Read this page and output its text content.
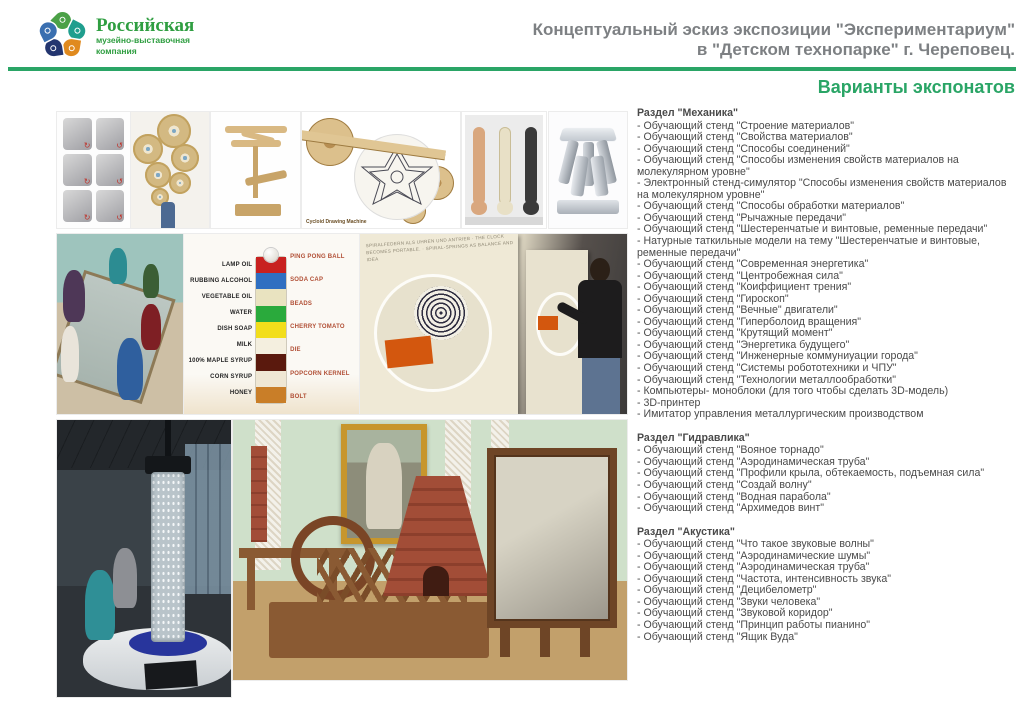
Российская
музейно-выставочная
компания
Концептуальный эскиз экспозиции "Экспериментариум"
в "Детском технопарке" г. Череповец.
Варианты экспонатов
Раздел "Механика"
- Обучающий стенд "Строение материалов"
- Обучающий стенд "Свойства материалов"
- Обучающий стенд "Способы соединений"
- Обучающий стенд "Способы изменения свойств материалов на молекулярном уровне"
- Электронный стенд-симулятор "Способы изменения свойств материалов на молекулярном уровне"
- Обучающий стенд "Способы обработки материалов"
- Обучающий стенд "Рычажные передачи"
- Обучающий стенд "Шестеренчатые и винтовые, ременные передачи"
- Натурные таткильные модели на тему "Шестеренчатые и винтовые, ременные передачи"
- Обучающий стенд "Современная энергетика"
- Обучающий стенд "Центробежная сила"
- Обучающий стенд "Коиффициент трения"
- Обучающий стенд "Гироскоп"
- Обучающий стенд "Вечные" двигатели"
- Обучающий стенд "Гиперболоид вращения"
- Обучающий стенд "Крутящий момент"
- Обучающий стенд "Энергетика будущего"
- Обучающий стенд "Инженерные коммуниуации города"
- Обучающий стенд "Системы робототехники и ЧПУ"
- Обучающий стенд "Технологии металлообработки"
- Компьютеры- моноблоки (для того чтобы сделать 3D-модель)
- 3D-принтер
- Имитатор управления металлургическим производством
Раздел "Гидравлика"
- Обучающий стенд "Вояное торнадо"
- Обучающий стенд "Аэродинамическая труба"
- Обучающий стенд "Профили крыла, обтекаемость, подъемная сила"
- Обучающий стенд "Создай волну"
- Обучающий стенд "Водная парабола"
- Обучающий стенд "Архимедов винт"
Раздел "Акустика"
- Обучающий стенд "Что такое звуковые волны"
- Обучающий стенд "Аэродинамические шумы"
- Обучающий стенд "Аэродинамическая труба"
- Обучающий стенд "Частота, интенсивность звука"
- Обучающий стенд "Децибелометр"
- Обучающий стенд "Звуки человека"
- Обучающий стенд "Звуковой коридор"
- Обучающий стенд "Принцип работы пианино"
- Обучающий стенд "Ящик Вуда"
↻	↺
↻	↺
↻	↺	Cycloid Drawing Machine
LAMP OIL
RUBBING ALCOHOL
VEGETABLE OIL
WATER
DISH SOAP
MILK
100% MAPLE SYRUP
CORN SYRUP
HONEY
PING PONG BALL
SODA CAP
BEADS
CHERRY TOMATO
DIE
POPCORN KERNEL
BOLT
SPIRALFEDERN ALS UHREN UND ANTRIEB · THE CLOCK BECOMES PORTABLE. · SPIRAL-SPRINGS AS BALANCE AND IDEA
